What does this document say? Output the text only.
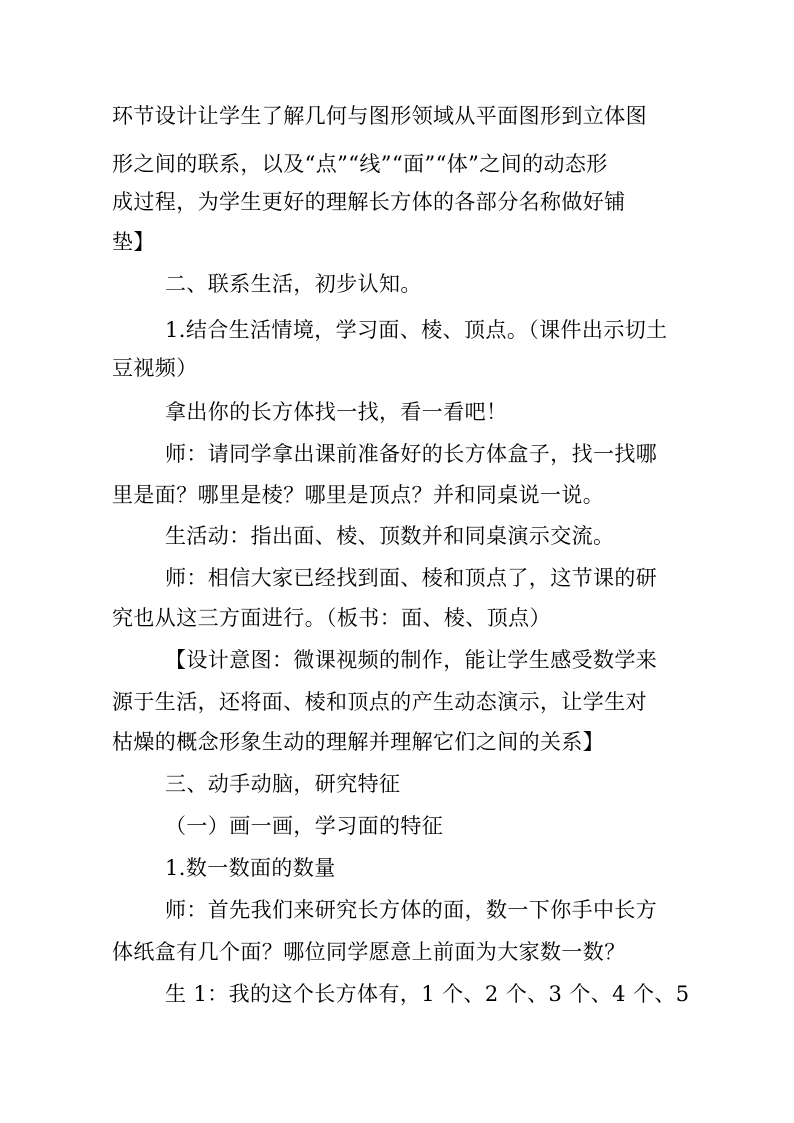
环节设计让学生了解几何与图形领域从平面图形到立体图
形之间的联系，以及“点”“线”“面”“体”之间的动态形
成过程，为学生更好的理解长方体的各部分名称做好铺
垫】
二、联系生活，初步认知。
1.结合生活情境，学习面、棱、顶点。（课件出示切土
豆视频）
拿出你的长方体找一找，看一看吧！
师：请同学拿出课前准备好的长方体盒子，找一找哪
里是面？哪里是棱？哪里是顶点？并和同桌说一说。
生活动：指出面、棱、顶数并和同桌演示交流。
师：相信大家已经找到面、棱和顶点了，这节课的研
究也从这三方面进行。（板书：面、棱、顶点）
【设计意图：微课视频的制作，能让学生感受数学来
源于生活，还将面、棱和顶点的产生动态演示，让学生对
枯燥的概念形象生动的理解并理解它们之间的关系】
三、动手动脑，研究特征
（一）画一画，学习面的特征
1.数一数面的数量
师：首先我们来研究长方体的面，数一下你手中长方
体纸盒有几个面？哪位同学愿意上前面为大家数一数？
生 1：我的这个长方体有，1 个、2 个、3 个、4 个、5
